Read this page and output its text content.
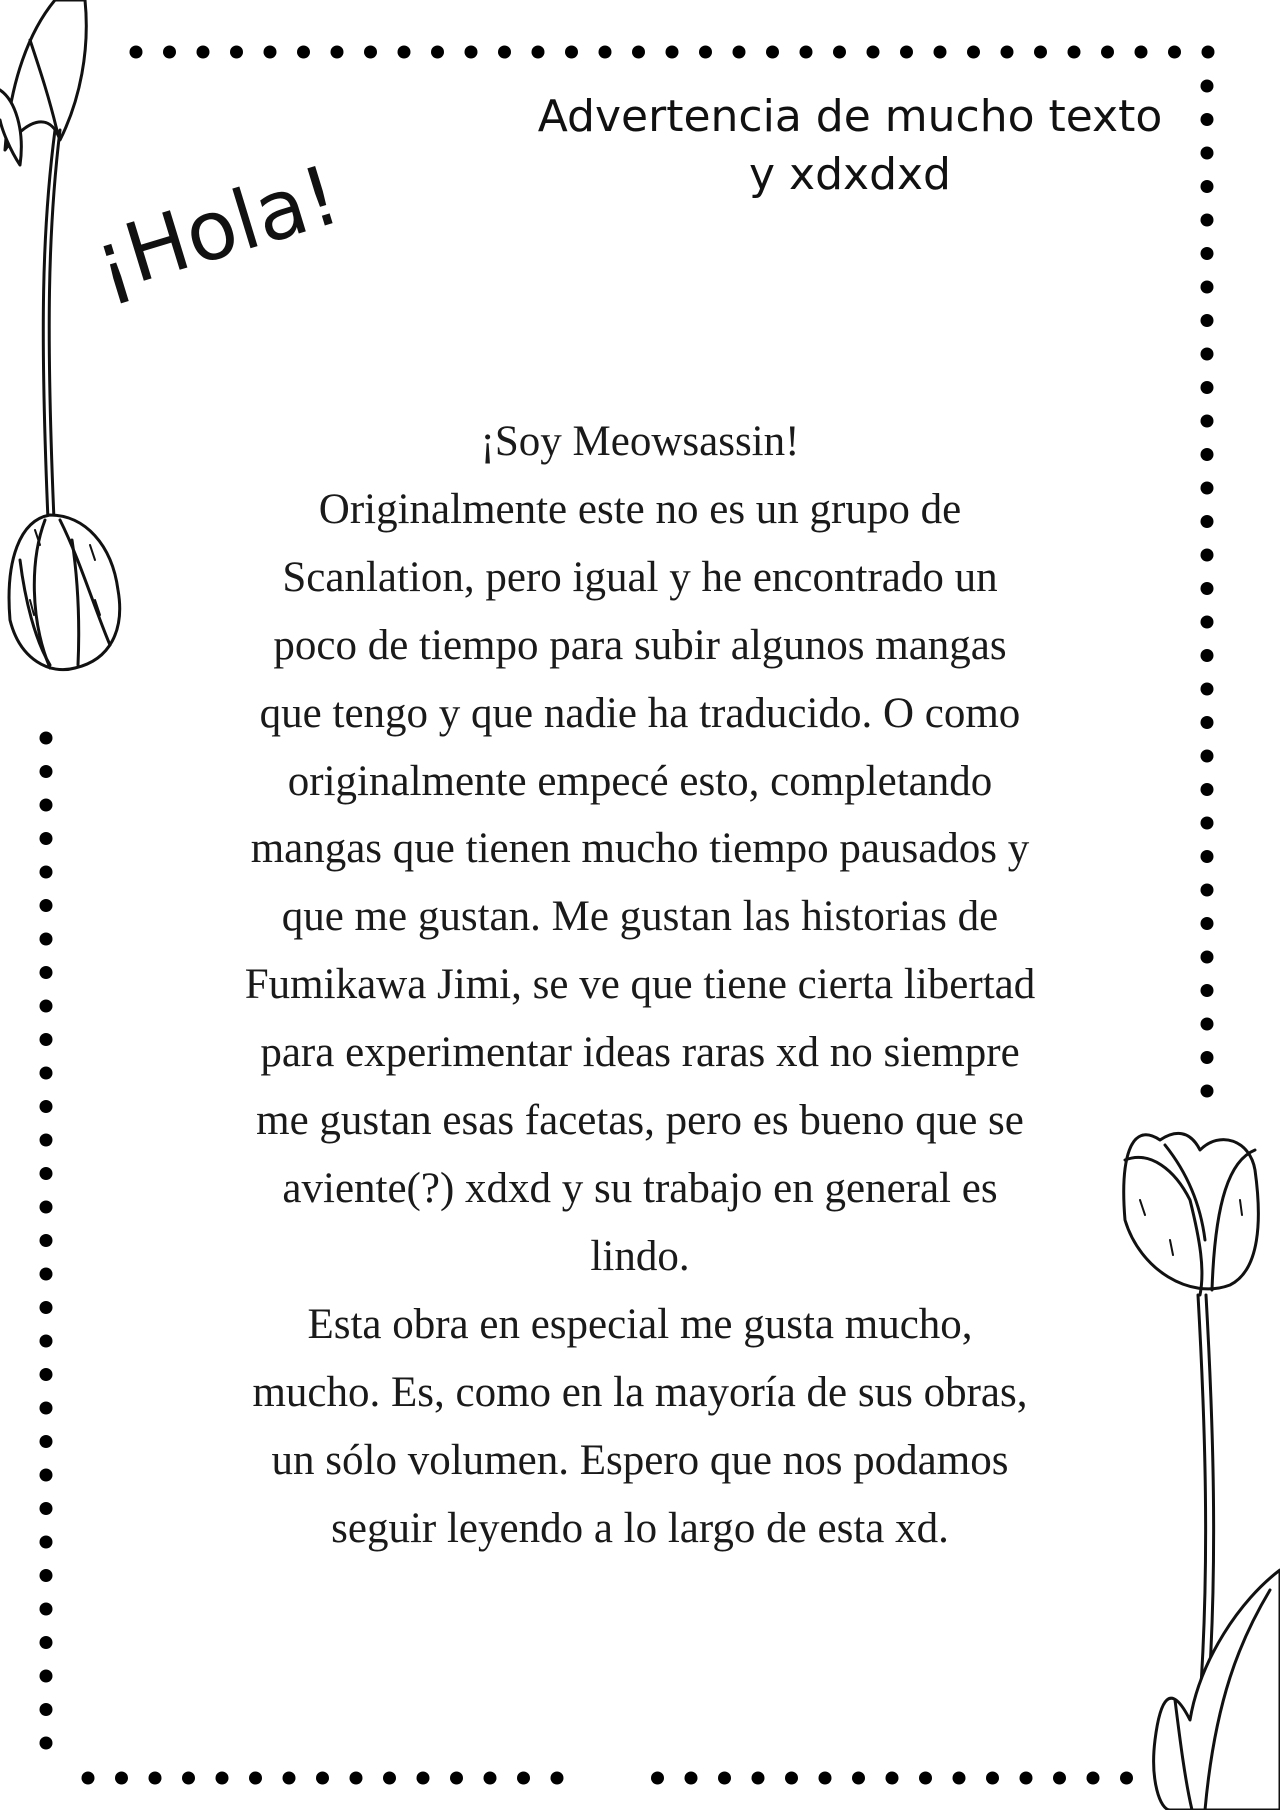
Advertencia de mucho texto
y xdxdxd
¡Hola!
¡Soy Meowsassin!
Originalmente este no es un grupo de
Scanlation, pero igual y he encontrado un
poco de tiempo para subir algunos mangas
que tengo y que nadie ha traducido. O como
originalmente empecé esto, completando
mangas que tienen mucho tiempo pausados y
que me gustan. Me gustan las historias de
Fumikawa Jimi, se ve que tiene cierta libertad
para experimentar ideas raras xd no siempre
me gustan esas facetas, pero es bueno que se
aviente(?) xdxd y su trabajo en general es
lindo.
Esta obra en especial me gusta mucho,
mucho. Es, como en la mayoría de sus obras,
un sólo volumen. Espero que nos podamos
seguir leyendo a lo largo de esta xd.
